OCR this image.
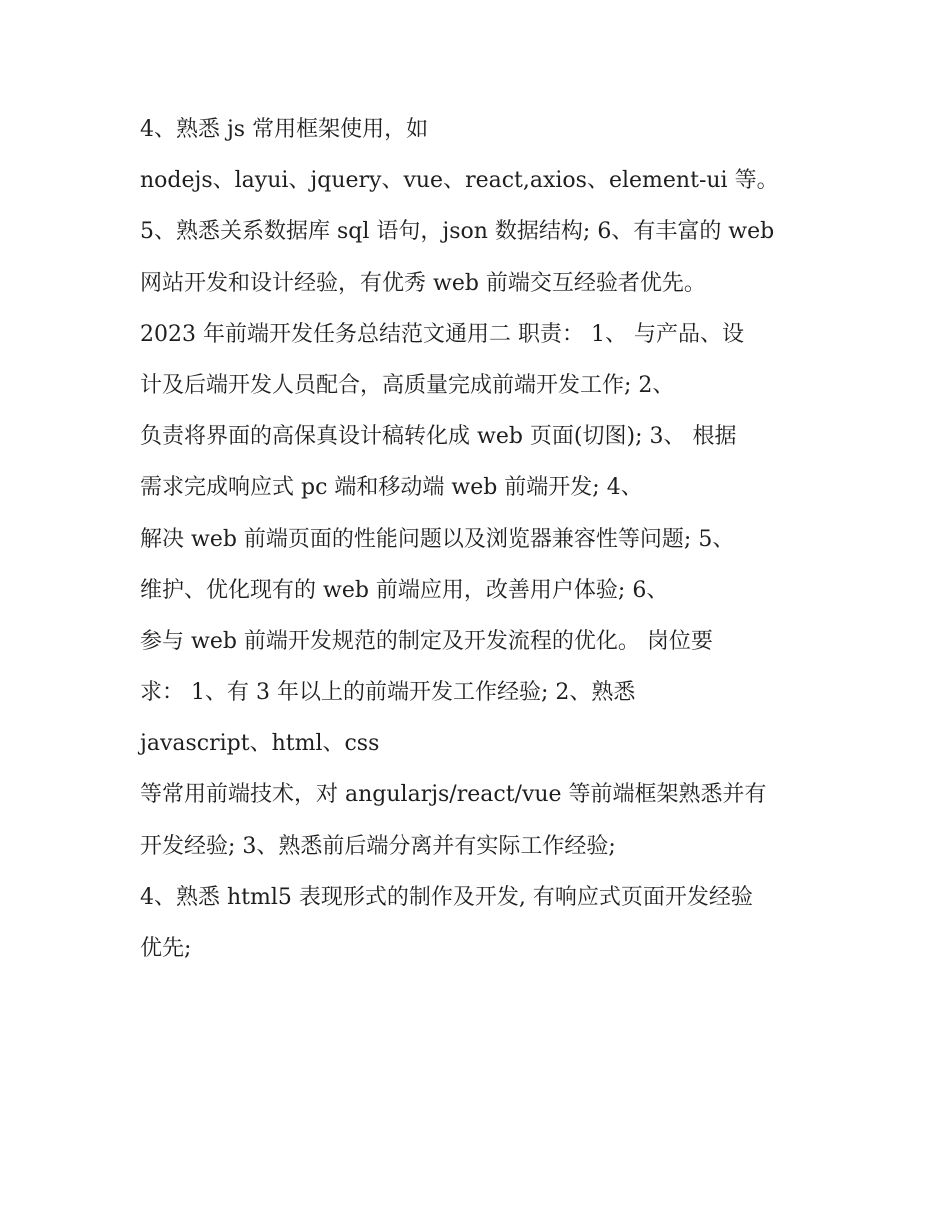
4、熟悉 js 常用框架使用，如
nodejs、layui、jquery、vue、react,axios、element-ui 等。
5、熟悉关系数据库 sql 语句，json 数据结构; 6、有丰富的 web
网站开发和设计经验，有优秀 web 前端交互经验者优先。
2023 年前端开发任务总结范文通用二 职责： 1、 与产品、设
计及后端开发人员配合，高质量完成前端开发工作; 2、
负责将界面的高保真设计稿转化成 web 页面(切图); 3、 根据
需求完成响应式 pc 端和移动端 web 前端开发; 4、
解决 web 前端页面的性能问题以及浏览器兼容性等问题; 5、
维护、优化现有的 web 前端应用，改善用户体验; 6、
参与 web 前端开发规范的制定及开发流程的优化。 岗位要
求： 1、有 3 年以上的前端开发工作经验; 2、熟悉
javascript、html、css
等常用前端技术，对 angularjs/react/vue 等前端框架熟悉并有
开发经验; 3、熟悉前后端分离并有实际工作经验;
4、熟悉 html5 表现形式的制作及开发, 有响应式页面开发经验
优先;
